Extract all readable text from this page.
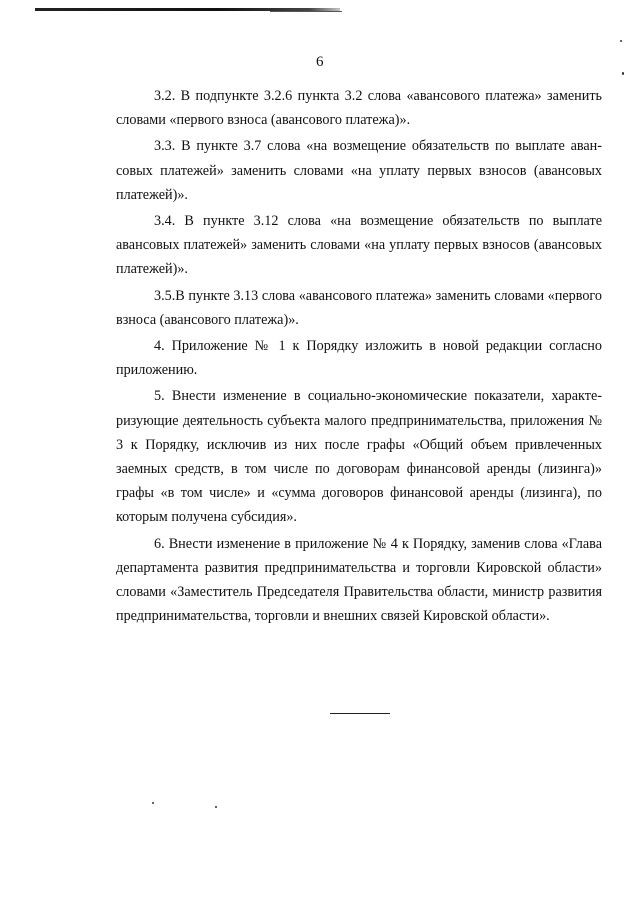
6

3.2. В подпункте 3.2.6 пункта 3.2 слова «авансового платежа» заменить словами «первого взноса (авансового платежа)».

3.3. В пункте 3.7 слова «на возмещение обязательств по выплате авансовых платежей» заменить словами «на уплату первых взносов (авансовых платежей)».

3.4. В пункте 3.12 слова «на возмещение обязательств по выплате авансовых платежей» заменить словами «на уплату первых взносов (авансовых платежей)».

3.5.В пункте 3.13 слова «авансового платежа» заменить словами «первого взноса (авансового платежа)».

4. Приложение № 1 к Порядку изложить в новой редакции согласно приложению.

5. Внести изменение в социально-экономические показатели, характеризующие деятельность субъекта малого предпринимательства, приложения № 3 к Порядку, исключив из них после графы «Общий объем привлеченных заемных средств, в том числе по договорам финансовой аренды (лизинга)» графы «в том числе» и «сумма договоров финансовой аренды (лизинга), по которым получена субсидия».

6. Внести изменение в приложение № 4 к Порядку, заменив слова «Глава департамента развития предпринимательства и торговли Кировской области» словами «Заместитель Председателя Правительства области, министр развития предпринимательства, торговли и внешних связей Кировской области».
